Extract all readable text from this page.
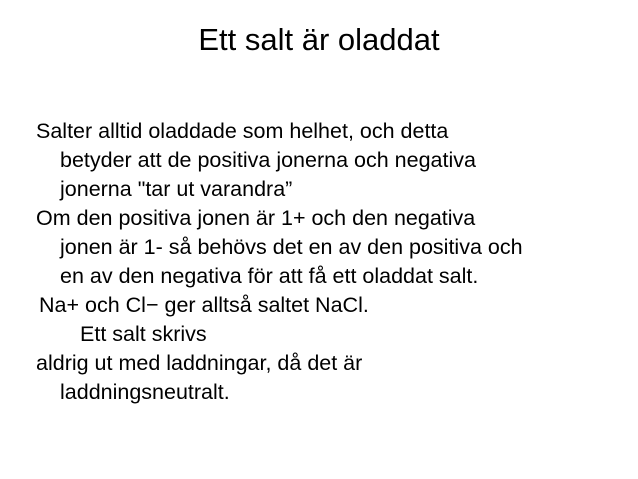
Ett salt är oladdat
Salter alltid oladdade som helhet, och detta
betyder att de positiva jonerna och negativa
jonerna "tar ut varandra”
Om den positiva jonen är 1+ och den negativa
jonen är 1- så behövs det en av den positiva och
en av den negativa för att få ett oladdat salt.
Na+ och Cl− ger alltså saltet NaCl.
Ett salt skrivs
aldrig ut med laddningar, då det är
laddningsneutralt.
